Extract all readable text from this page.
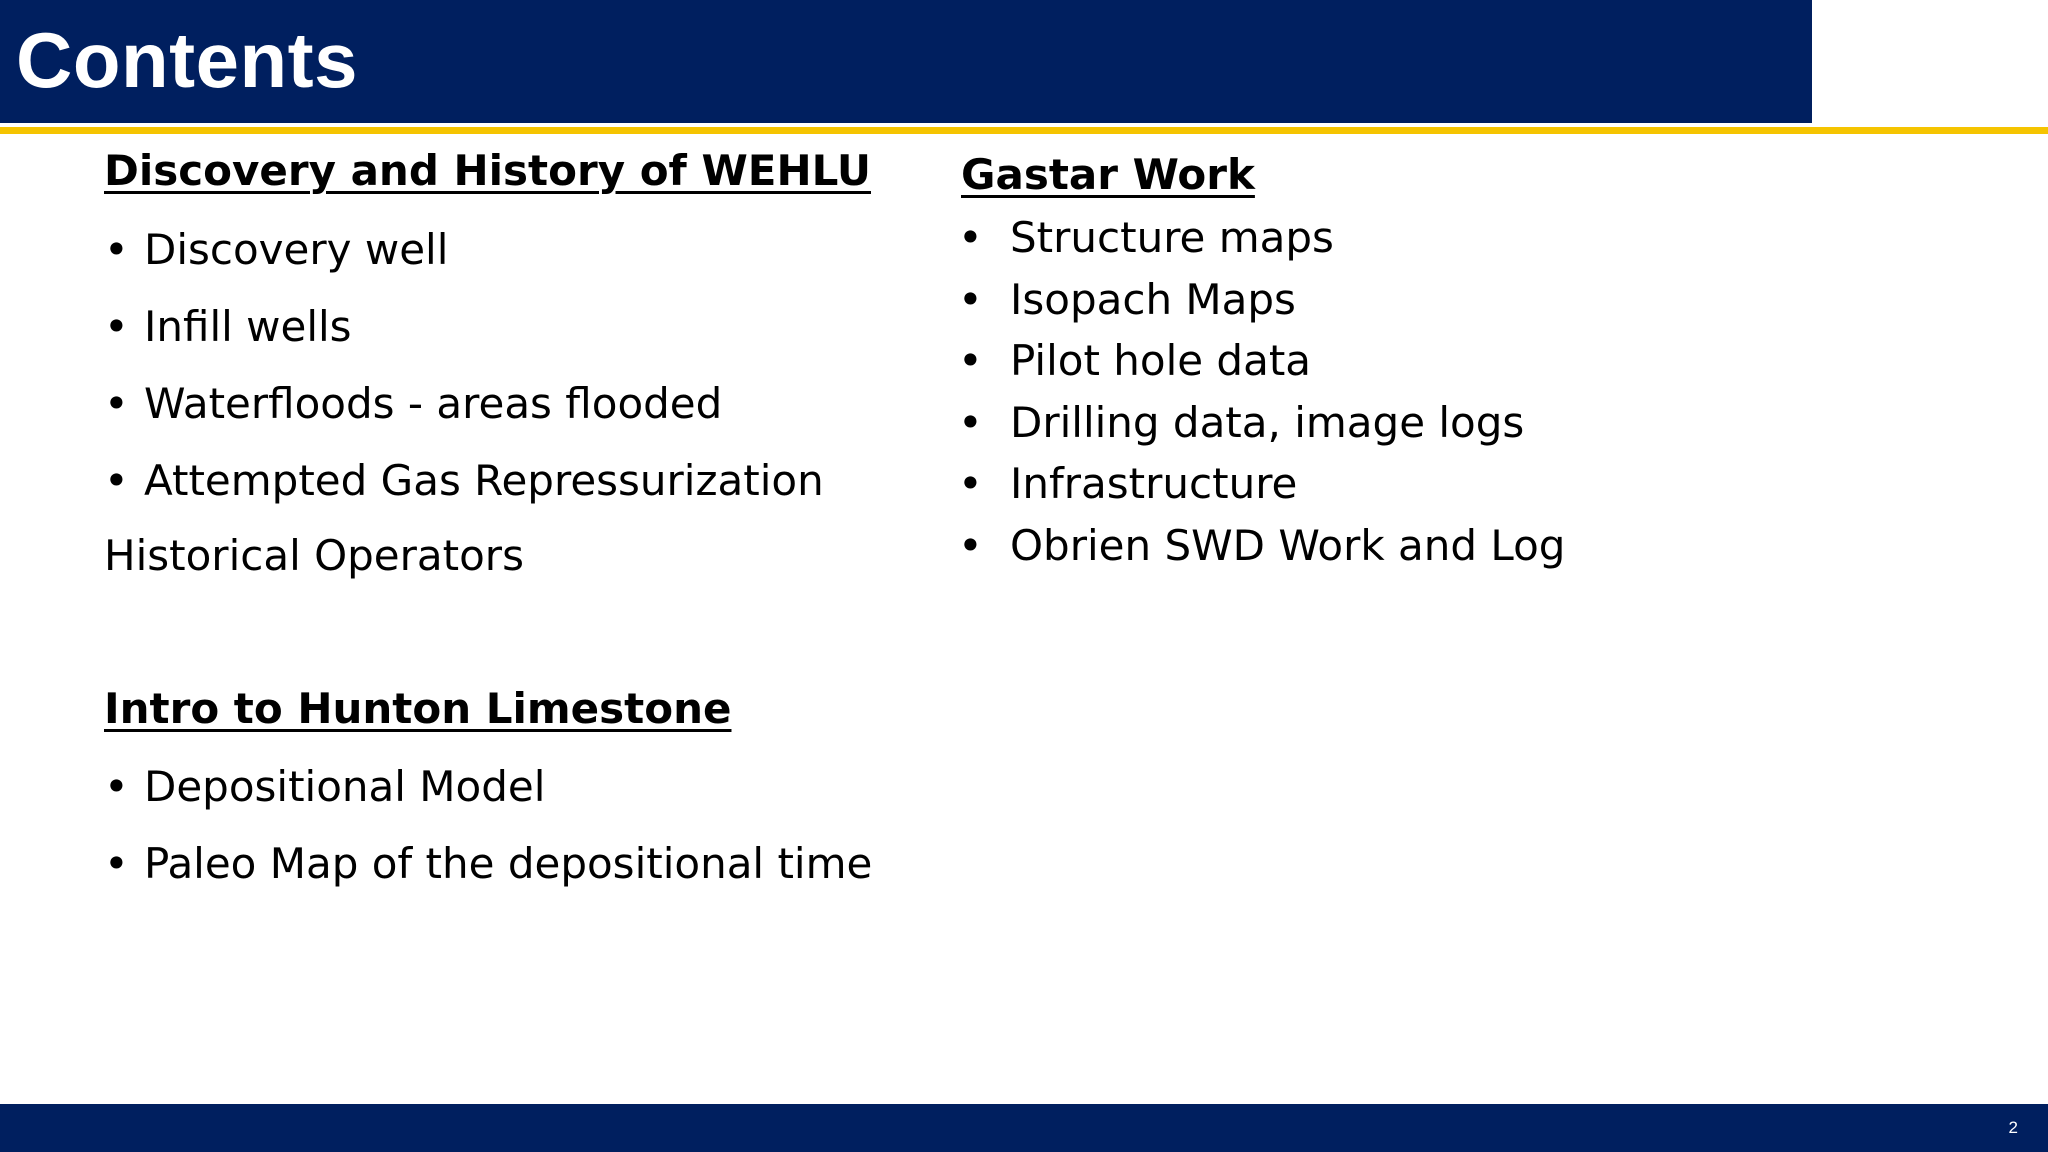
Contents
Discovery and History of WEHLU
• Discovery well
• Infill wells
• Waterfloods - areas flooded
• Attempted Gas Repressurization

Historical Operators

Intro to Hunton Limestone
• Depositional Model
• Paleo Map of the depositional time
Gastar Work
• Structure maps
• Isopach Maps
• Pilot hole data
• Drilling data, image logs
• Infrastructure
• Obrien SWD Work and Log
2
